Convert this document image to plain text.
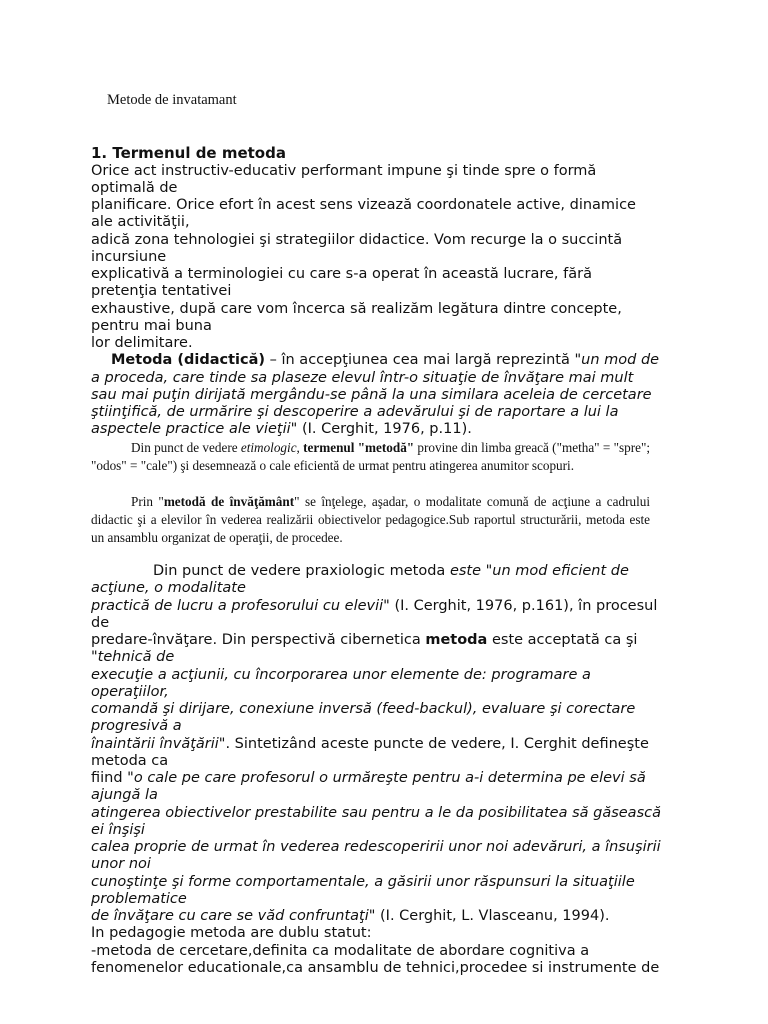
Metode de invatamant
1. Termenul de metoda
Orice act instructiv-educativ performant impune şi tinde spre o formă
optimală de
planificare. Orice efort în acest sens vizează coordonatele active, dinamice
ale activităţii,
adică zona tehnologiei şi strategiilor didactice. Vom recurge la o succintă
incursiune
explicativă a terminologiei cu care s-a operat în această lucrare, fără
pretenţia tentativei
exhaustive, după care vom încerca să realizăm legătura dintre concepte,
pentru mai buna
lor delimitare.
Metoda (didactică) – în accepţiunea cea mai largă reprezintă "un mod de
a proceda, care tinde sa plaseze elevul într-o situaţie de învăţare mai mult
sau mai puţin dirijată mergându-se până la una similara aceleia de cercetare
ştiinţifică, de urmărire şi descoperire a adevărului şi de raportare a lui la
aspectele practice ale vieţii" (I. Cerghit, 1976, p.11).
Din punct de vedere etimologic, termenul "metodă" provine din limba greacă ("metha" = "spre"; "odos" = "cale") şi desemnează o cale eficientă de urmat pentru atingerea anumitor scopuri.
Prin "metodă de învăţământ" se înţelege, aşadar, o modalitate comună de acţiune a cadrului didactic şi a elevilor în vederea realizării obiectivelor pedagogice.Sub raportul structurării, metoda este un ansamblu organizat de operaţii, de procedee.
Din punct de vedere praxiologic metoda este "un mod eficient de
acţiune, o modalitate
practică de lucru a profesorului cu elevii" (I. Cerghit, 1976, p.161), în procesul
de
predare-învăţare. Din perspectivă cibernetica metoda este acceptată ca şi
"tehnică de
execuţie a acţiunii, cu încorporarea unor elemente de: programare a
operaţiilor,
comandă şi dirijare, conexiune inversă (feed-backul), evaluare şi corectare
progresivă a
înaintării învăţării". Sintetizând aceste puncte de vedere, I. Cerghit defineşte
metoda ca
fiind "o cale pe care profesorul o urmăreşte pentru a-i determina pe elevi să
ajungă la
atingerea obiectivelor prestabilite sau pentru a le da posibilitatea să găsească
ei înşişi
calea proprie de urmat în vederea redescoperirii unor noi adevăruri, a însuşirii
unor noi
cunoştinţe şi forme comportamentale, a găsirii unor răspunsuri la situaţiile
problematice
de învăţare cu care se văd confruntaţi" (I. Cerghit, L. Vlasceanu, 1994).
In pedagogie metoda are dublu statut:
-metoda de cercetare,definita ca modalitate de abordare cognitiva a
fenomenelor educationale,ca ansamblu de tehnici,procedee si instrumente de
